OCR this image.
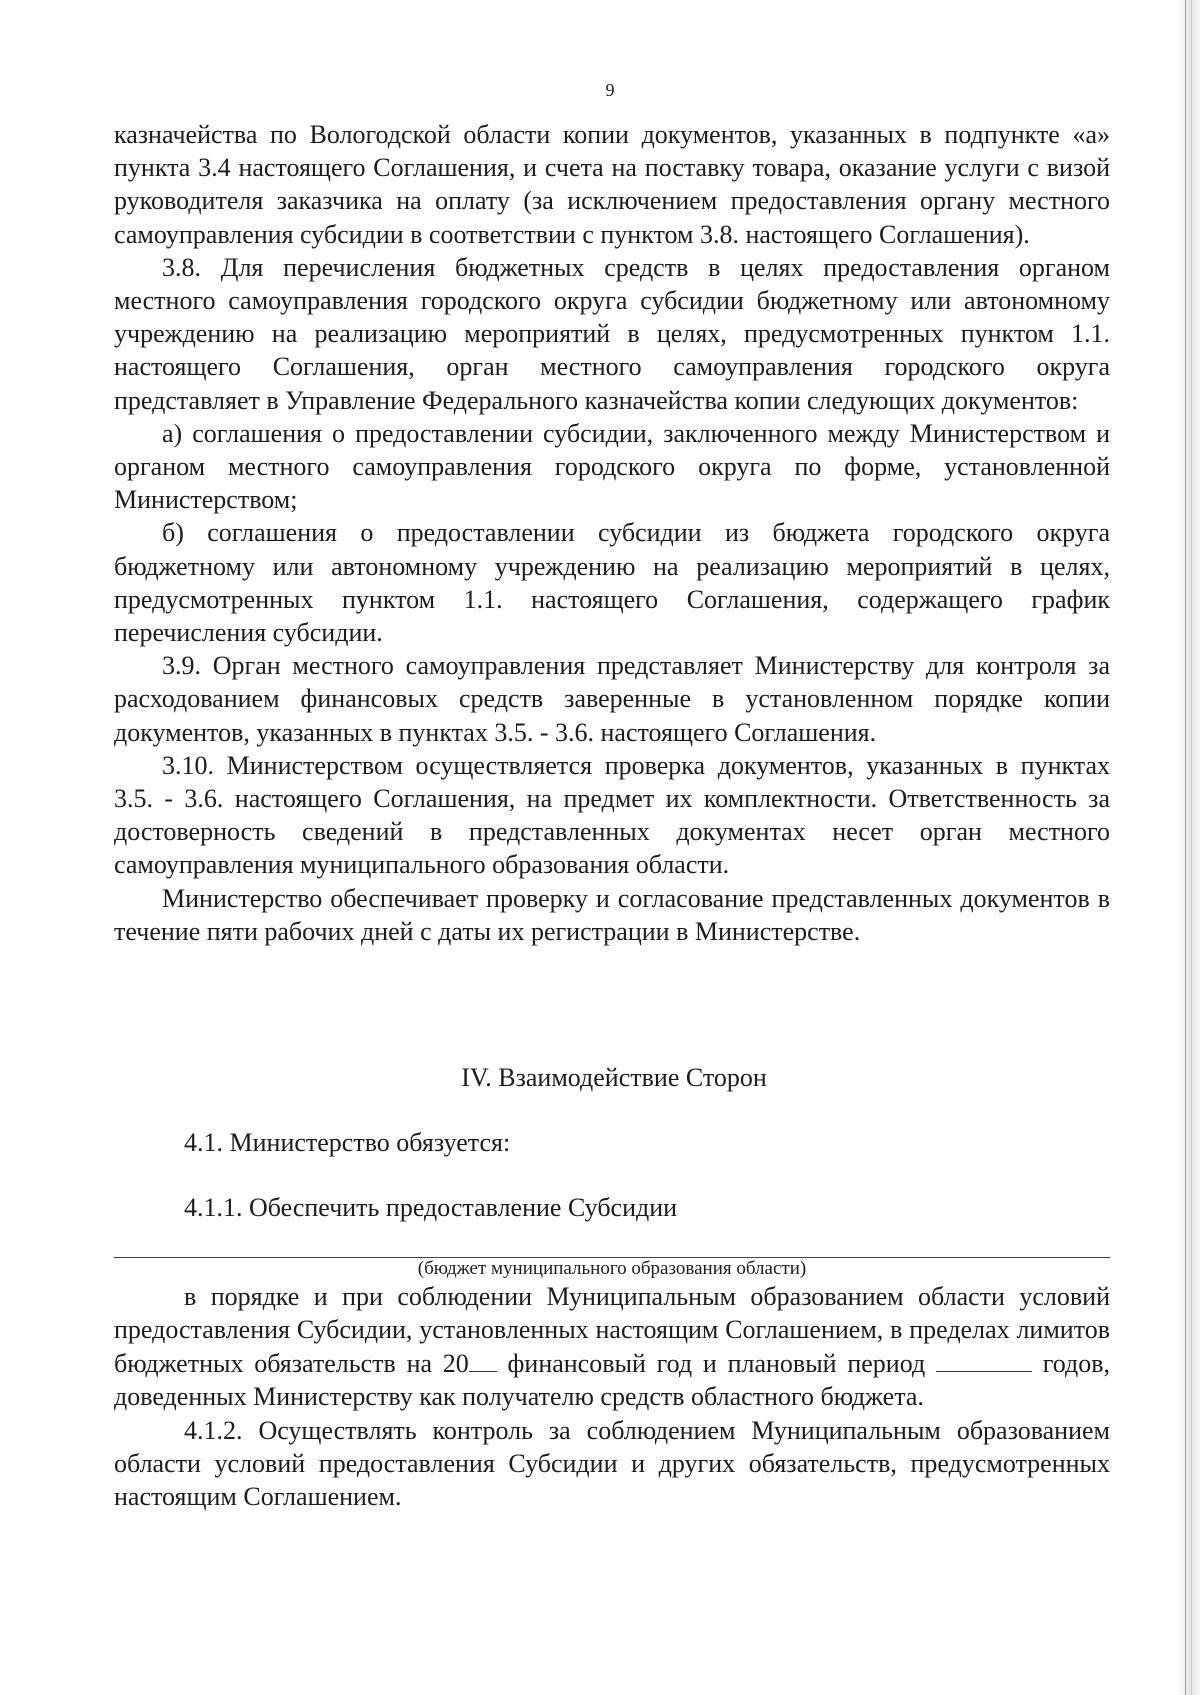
9

казначейства по Вологодской области копии документов, указанных в подпункте «а» пункта 3.4 настоящего Соглашения, и счета на поставку товара, оказание услуги с визой руководителя заказчика на оплату (за исключением предоставления органу местного самоуправления субсидии в соответствии с пунктом 3.8. настоящего Соглашения).

3.8. Для перечисления бюджетных средств в целях предоставления органом местного самоуправления городского округа субсидии бюджетному или автономному учреждению на реализацию мероприятий в целях, предусмотренных пунктом 1.1. настоящего Соглашения, орган местного самоуправления городского округа представляет в Управление Федерального казначейства копии следующих документов:

а) соглашения о предоставлении субсидии, заключенного между Министерством и органом местного самоуправления городского округа по форме, установленной Министерством;

б) соглашения о предоставлении субсидии из бюджета городского округа бюджетному или автономному учреждению на реализацию мероприятий в целях, предусмотренных пунктом 1.1. настоящего Соглашения, содержащего график перечисления субсидии.

3.9. Орган местного самоуправления представляет Министерству для контроля за расходованием финансовых средств заверенные в установленном порядке копии документов, указанных в пунктах 3.5. - 3.6. настоящего Соглашения.

3.10. Министерством осуществляется проверка документов, указанных в пунктах 3.5. - 3.6. настоящего Соглашения, на предмет их комплектности. Ответственность за достоверность сведений в представленных документах несет орган местного самоуправления муниципального образования области.

Министерство обеспечивает проверку и согласование представленных документов в течение пяти рабочих дней с даты их регистрации в Министерстве.

IV. Взаимодействие Сторон
4.1. Министерство обязуется:
4.1.1. Обеспечить предоставление Субсидии
(бюджет муниципального образования области)

в порядке и при соблюдении Муниципальным образованием области условий предоставления Субсидии, установленных настоящим Соглашением, в пределах лимитов бюджетных обязательств на 20 финансовый год и плановый период	годов, доведенных Министерству как получателю средств областного бюджета.

4.1.2. Осуществлять контроль за соблюдением Муниципальным образованием области условий предоставления Субсидии и других обязательств, предусмотренных настоящим Соглашением.
